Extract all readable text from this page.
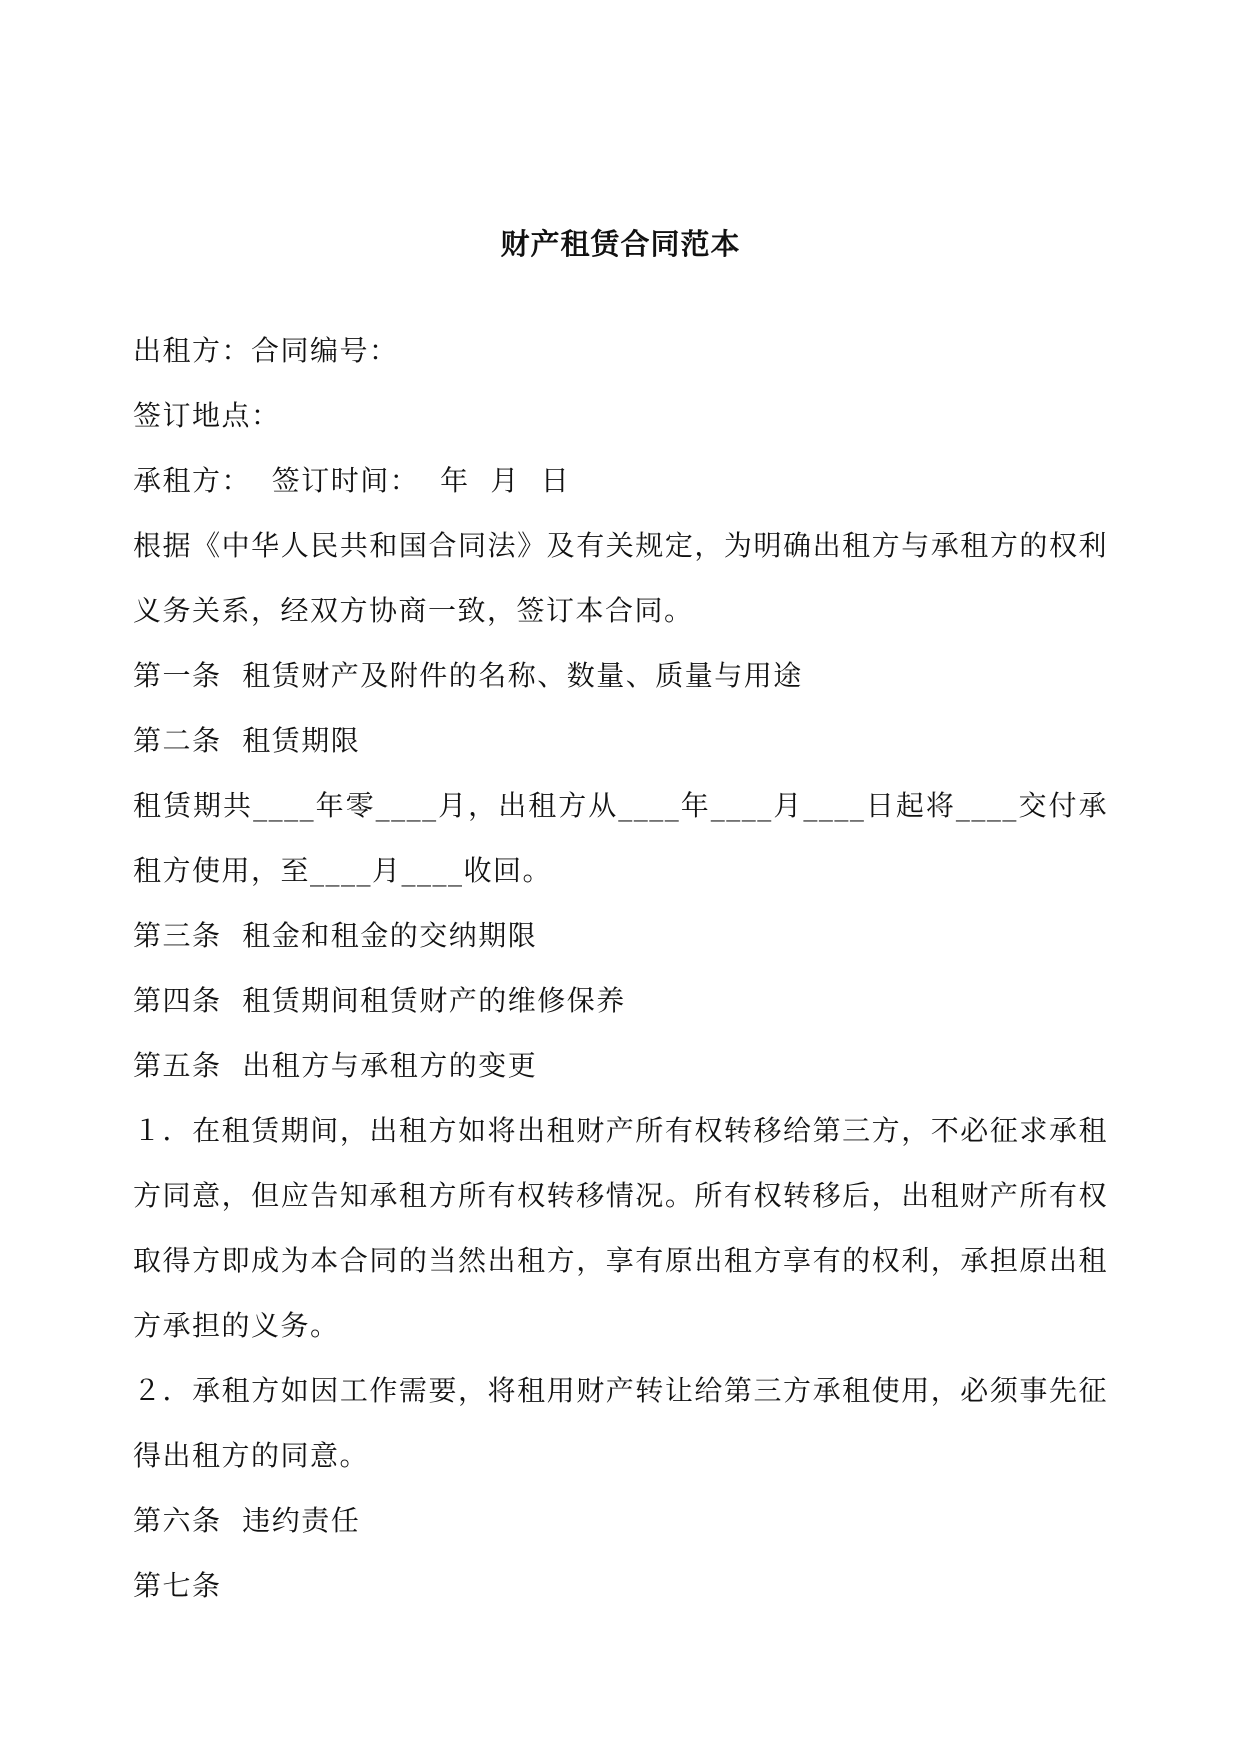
财产租赁合同范本

出租方：合同编号：

签订地点：

承租方：  签订时间：  年  月  日

根据《中华人民共和国合同法》及有关规定，为明确出租方与承租方的权利义务关系，经双方协商一致，签订本合同。

第一条  租赁财产及附件的名称、数量、质量与用途

第二条  租赁期限

租赁期共____年零____月，出租方从____年____月____日起将____交付承租方使用，至____月____收回。

第三条  租金和租金的交纳期限

第四条  租赁期间租赁财产的维修保养

第五条  出租方与承租方的变更

１．在租赁期间，出租方如将出租财产所有权转移给第三方，不必征求承租方同意，但应告知承租方所有权转移情况。所有权转移后，出租财产所有权取得方即成为本合同的当然出租方，享有原出租方享有的权利，承担原出租方承担的义务。

２．承租方如因工作需要，将租用财产转让给第三方承租使用，必须事先征得出租方的同意。

第六条  违约责任

第七条
